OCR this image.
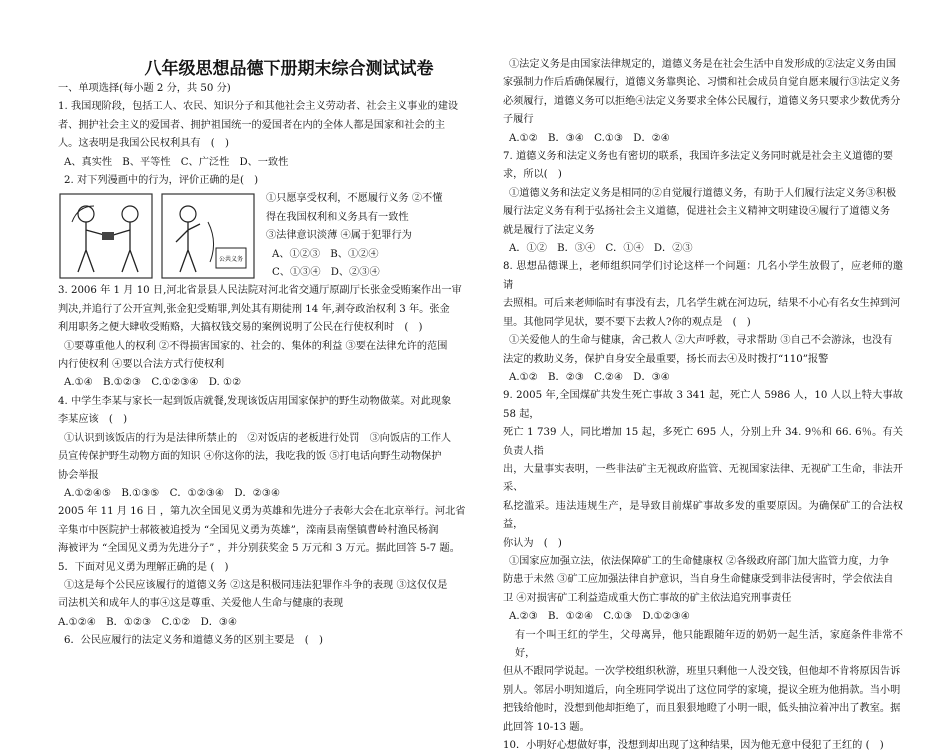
八年级思想品德下册期末综合测试试卷

一、单项选择(每小题 2 分，共 50 分)

1. 我国现阶段，包括工人、农民、知识分子和其他社会主义劳动者、社会主义事业的建设

者、拥护社会主义的爱国者、拥护祖国统一的爱国者在内的全体人都是国家和社会的主

人。这表明是我国公民权利具有　(　)

A、真实性　B、平等性　C、广泛性　D、一致性

2. 对下列漫画中的行为，评价正确的是(　)

公共义务

①只愿享受权利，不愿履行义务 ②不懂

得在我国权利和义务具有一致性

③法律意识淡薄 ④属于犯罪行为

A、①②③　B、①②④

C、①③④　D、②③④

3. 2006 年 1 月 10 日,河北省景县人民法院对河北省交通厅原副厅长张金受贿案作出一审

判决,并追行了公开宣判,张金犯受贿罪,判处其有期徒刑 14 年,剥夺政治权利 3 年。张金

利用职务之便大肆收受贿赂，大搞权钱交易的案例说明了公民在行使权利时　(　)

①要尊重他人的权利 ②不得损害国家的、社会的、集体的利益 ③要在法律允许的范围

内行使权利 ④要以合法方式行使权利

A.①④　B.①②③　C.①②③④　D. ①②

4. 中学生李某与家长一起到饭店就餐,发现该饭店用国家保护的野生动物做菜。对此现象

李某应该　(　)

①认识到该饭店的行为是法律所禁止的　②对饭店的老板进行处罚　③向饭店的工作人

员宣传保护野生动物方面的知识 ④你这你的法，我吃我的饭 ⑤打电话向野生动物保护

协会举报

A.①②④⑤　B.①③⑤　C．①②③④　D．②③④

2005 年 11 月 16 日 ，第九次全国见义勇为英雄和先进分子表彰大会在北京举行。河北省

辛集市中医院护士郝筱被追授为 “全国见义勇为英雄”，滦南县南堡镇曹岭村渔民杨润

海被评为 “全国见义勇为先进分子” ，并分别获奖金 5 万元和 3 万元。据此回答 5-7 题。

5．下面对见义勇为理解正确的是 (　)

①这是每个公民应该履行的道德义务 ②这是积极同违法犯罪作斗争的表现 ③这仅仅是

司法机关和成年人的事④这是尊重、关爱他人生命与健康的表现

A.①②④　B．①②③　C.①②　D．③④

6．公民应履行的法定义务和道德义务的区别主要是　(　)

①法定义务是由国家法律规定的，道德义务是在社会生活中自发形成的②法定义务由国

家强制力作后盾确保履行，道德义务靠舆论、习惯和社会成员自觉自愿来履行③法定义务

必须履行，道德义务可以拒绝④法定义务要求全体公民履行，道德义务只要求少数优秀分

子履行

A.①②　B．③④　C.①③　D．②④

7. 道德义务和法定义务也有密切的联系，我国许多法定义务同时就是社会主义道德的要

求，所以(　)

①道德义务和法定义务是相同的②自觉履行道德义务，有助于人们履行法定义务③积极

履行法定义务有利于弘扬社会主义道德，促进社会主义精神文明建设④履行了道德义务

就是履行了法定义务

A．①②　B．③④　C．①④　D．②③

8. 思想品德课上，老师组织同学们讨论这样一个问题：几名小学生放假了，应老师的邀请

去照相。可后来老师临时有事没有去，几名学生就在河边玩，结果不小心有名女生掉到河

里。其他同学见状，要不要下去救人?你的观点是　(　)

①关爱他人的生命与健康，舍己救人 ②大声呼救，寻求帮助 ③自己不会游泳，也没有

法定的救助义务，保护自身安全最重要，扬长而去④及时拨打“110”报警

A.①②　B．②③　C.②④　D．③④

9. 2005 年,全国煤矿共发生死亡事故 3 341 起，死亡人 5986 人，10 人以上特大事故 58 起，

死亡 1 739 人，同比增加 15 起，多死亡 695 人，分别上升 34. 9％和 66. 6％。有关负责人指

出，大量事实表明，一些非法矿主无视政府监管、无视国家法律、无视矿工生命，非法开采、

私挖滥采。违法违规生产，是导致目前煤矿事故多发的重要原因。为确保矿工的合法权益，

你认为　(　)

①国家应加强立法，依法保障矿工的生命健康权 ②各级政府部门加大监管力度，力争

防患于未然 ③矿工应加强法律自护意识，当自身生命健康受到非法侵害时，学会依法自

卫 ④对损害矿工利益造成重大伤亡事故的矿主依法追究刑事责任

A.②③　B．①②④　C.①③　D.①②③④

有一个叫王红的学生，父母离异，他只能跟随年迈的奶奶一起生活，家庭条件非常不好，

但从不跟同学说起。一次学校组织秋游，班里只剩他一人没交钱，但他却不肯将原因告诉

别人。邻居小明知道后，向全班同学说出了这位同学的家境，提议全班为他捐款。当小明

把钱给他时，没想到他却拒绝了，而且狠狠地瞪了小明一眼，低头抽泣着冲出了教室。据

此回答 10-13 题。

10．小明好心想做好事，没想到却出现了这种结果，因为他无意中侵犯了王红的 (　)
